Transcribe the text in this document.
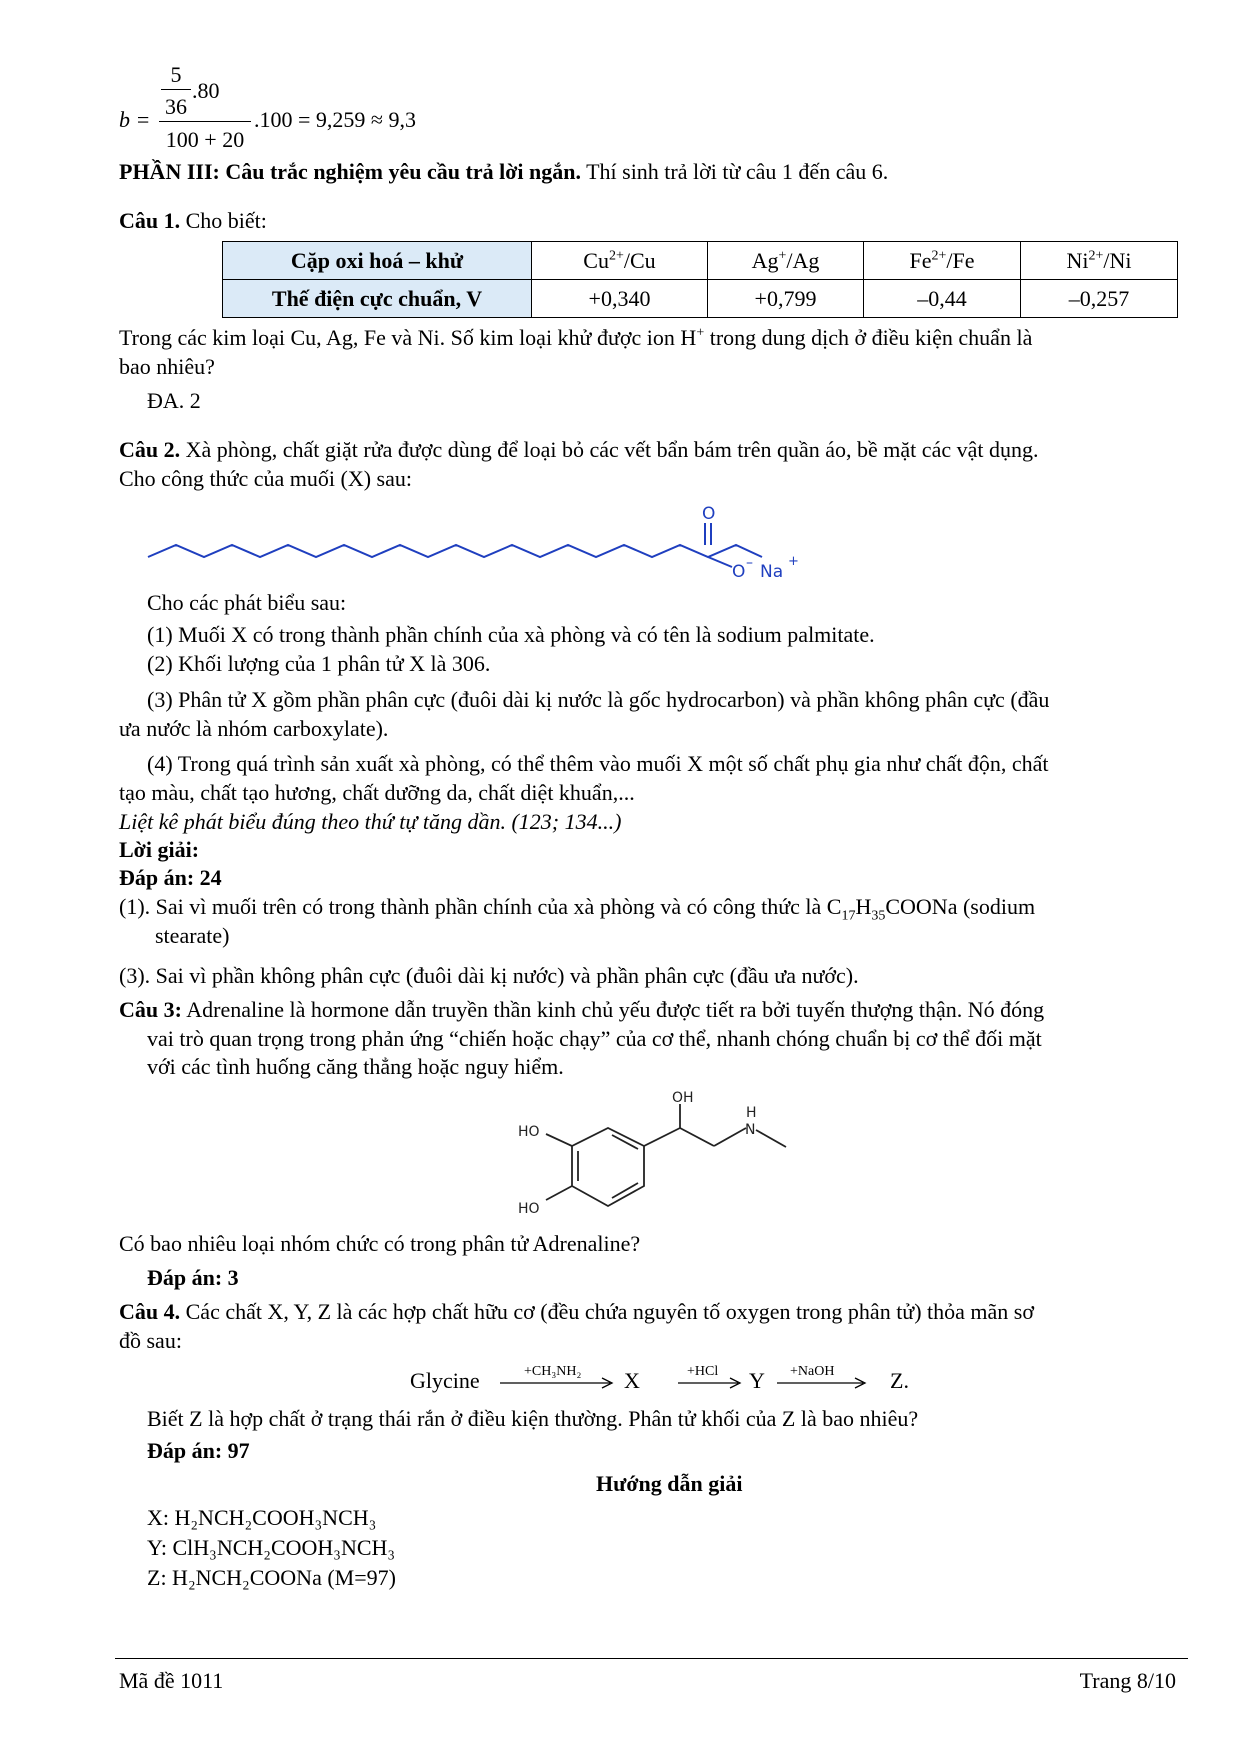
b =
5
36
.80
100 + 20
.100 = 9,259 ≈ 9,3
PHẦN III: Câu trắc nghiệm yêu cầu trả lời ngắn. Thí sinh trả lời từ câu 1 đến câu 6.
Câu 1. Cho biết:
Cặp oxi hoá – khử	$Cu^{2+}/Cu$	Ag+/Ag	$Fe^{2+}/Fe$	$Ni^{2+}/Ni$
Thế điện cực chuẩn, V	+0,340	+0,799	–0,44	–0,257
Trong các kim loại Cu, Ag, Fe và Ni. Số kim loại khử được ion H+ trong dung dịch ở điều kiện chuẩn là
bao nhiêu?
ĐA. 2
Câu 2. Xà phòng, chất giặt rửa được dùng để loại bỏ các vết bẩn bám trên quần áo, bề mặt các vật dụng.
Cho công thức của muối (X) sau:
O
O – Na
+
Cho các phát biểu sau:
(1) Muối X có trong thành phần chính của xà phòng và có tên là sodium palmitate.
(2) Khối lượng của 1 phân tử X là 306.
(3) Phân tử X gồm phần phân cực (đuôi dài kị nước là gốc hydrocarbon) và phần không phân cực (đầu
ưa nước là nhóm carboxylate).
(4) Trong quá trình sản xuất xà phòng, có thể thêm vào muối X một số chất phụ gia như chất độn, chất
tạo màu, chất tạo hương, chất dưỡng da, chất diệt khuẩn,...
Liệt kê phát biểu đúng theo thứ tự tăng dần. (123; 134...)
Lời giải:
Đáp án: 24
(1). Sai vì muối trên có trong thành phần chính của xà phòng và có công thức là $C_{17}H_{35}COONa$ (sodium
stearate)
(3). Sai vì phần không phân cực (đuôi dài kị nước) và phần phân cực (đầu ưa nước).
Câu 3: Adrenaline là hormone dẫn truyền thần kinh chủ yếu được tiết ra bởi tuyến thượng thận. Nó đóng
vai trò quan trọng trong phản ứng “chiến hoặc chạy” của cơ thể, nhanh chóng chuẩn bị cơ thể đối mặt
với các tình huống căng thẳng hoặc nguy hiểm.
OH
HO
HO
N
H
Có bao nhiêu loại nhóm chức có trong phân tử Adrenaline?
Đáp án: 3
Câu 4. Các chất X, Y, Z là các hợp chất hữu cơ (đều chứa nguyên tố oxygen trong phân tử) thỏa mãn sơ
đồ sau:
Glycine	+CH₃NH₂ X	+HCl Y +NaOH	Z.
Biết Z là hợp chất ở trạng thái rắn ở điều kiện thường. Phân tử khối của Z là bao nhiêu?
Đáp án: 97
Hướng dẫn giải
X: H₂NCH₂COOH₃NCH₃
Y: ClH₃NCH₂COOH₃NCH₃
Z: H₂NCH₂COONa (M=97)
Mã đề 1011	Trang 8/10
